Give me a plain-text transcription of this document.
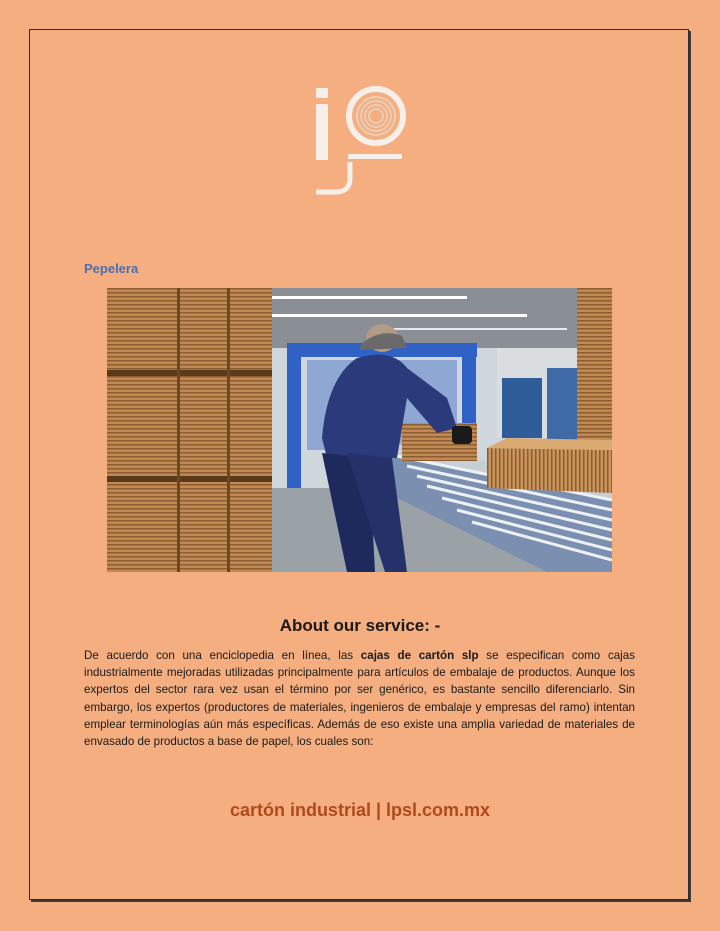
Pepelera
About our service: -
De acuerdo con una enciclopedia en línea, las cajas de cartón slp se especifican como cajas industrialmente mejoradas utilizadas principalmente para artículos de embalaje de productos. Aunque los expertos del sector rara vez usan el término por ser genérico, es bastante sencillo diferenciarlo. Sin embargo, los expertos (productores de materiales, ingenieros de embalaje y empresas del ramo) intentan emplear terminologías aún más específicas. Además de eso existe una amplia variedad de materiales de envasado de productos a base de papel, los cuales son:
cartón industrial | lpsl.com.mx
